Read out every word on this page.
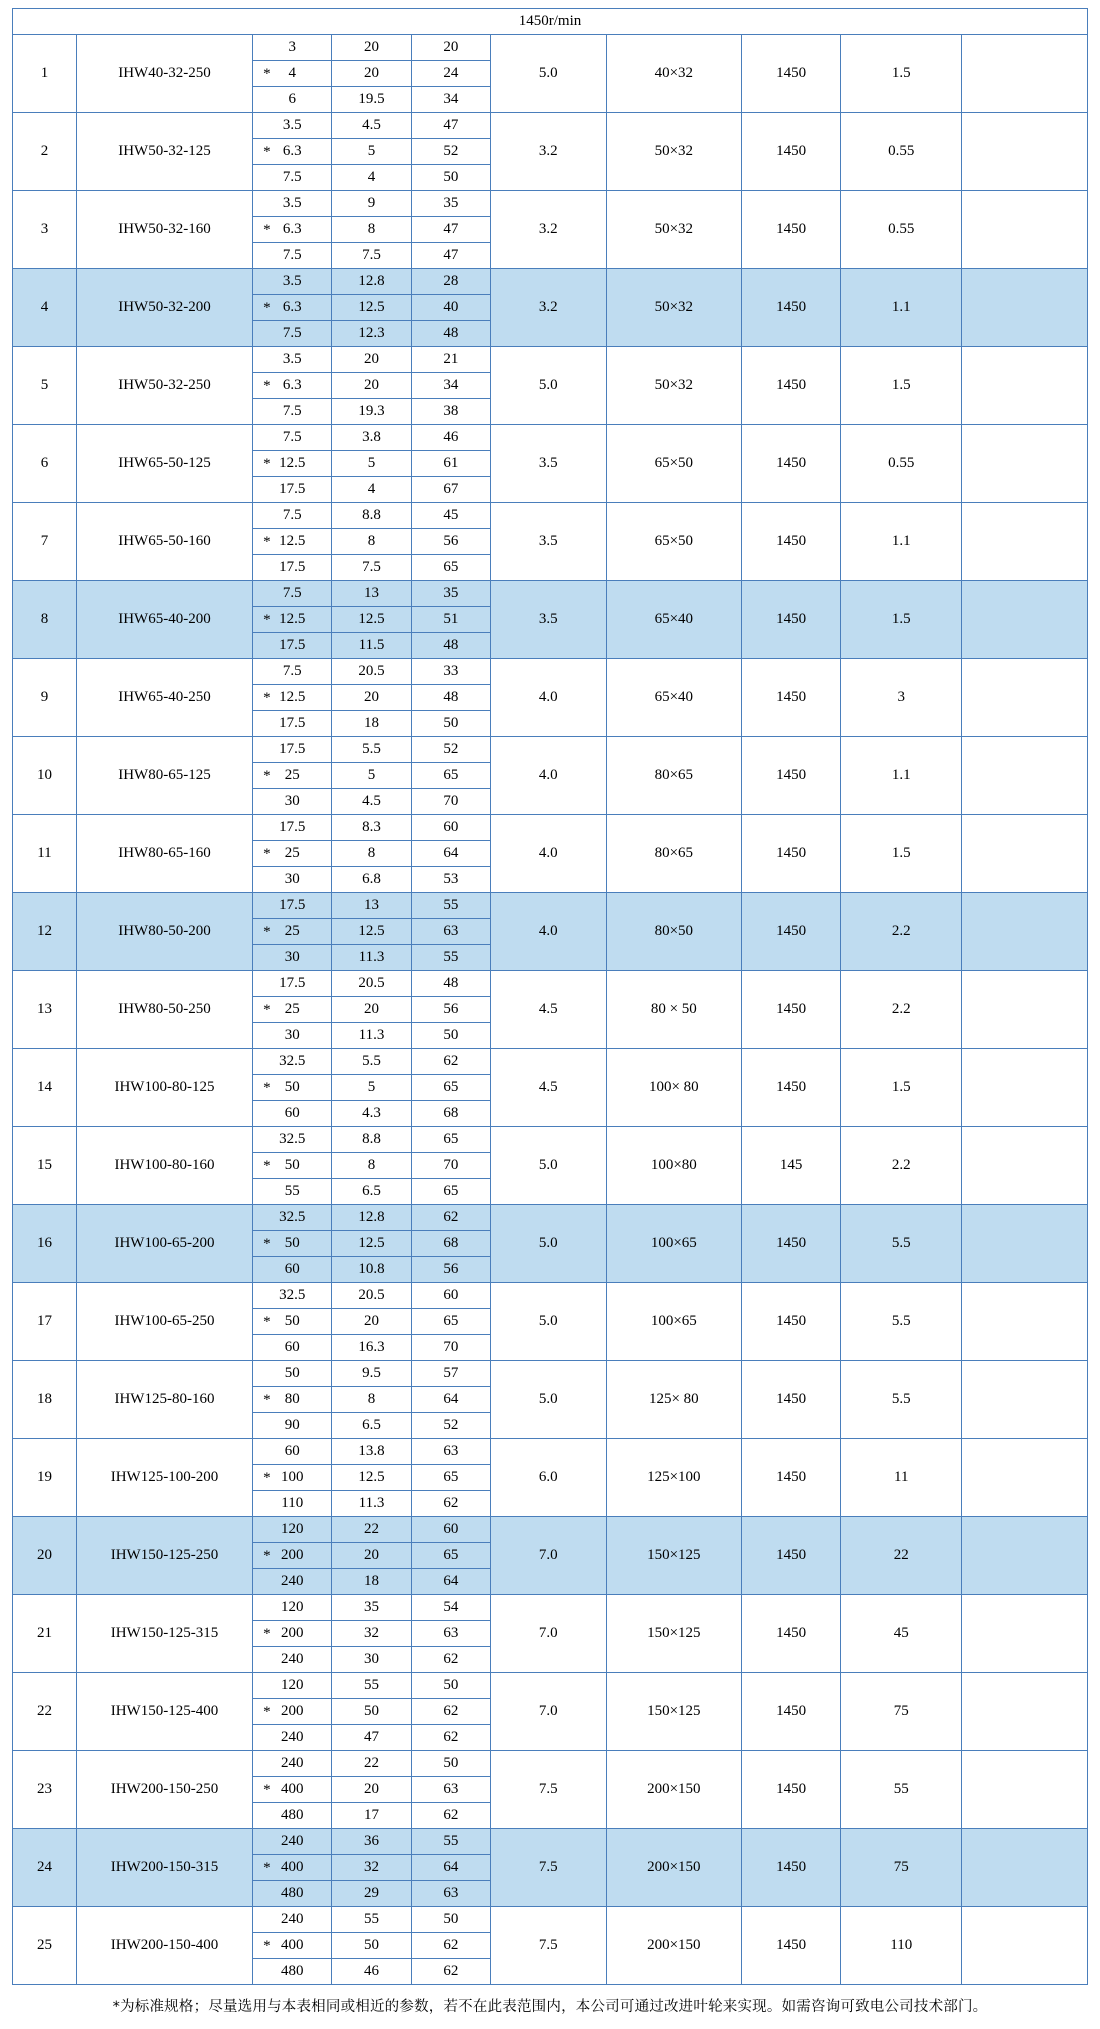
1450r/min									
1	IHW40-32-250	3	20	20	5.0	40×32	1450	1.5	

		* 4	20	24					
		6	19.5	34					
2	IHW50-32-125	3.5	4.5	47	3.2	50×32	1450	0.55	

		* 6.3	5	52					
		7.5	4	50					
3	IHW50-32-160	3.5	9	35	3.2	50×32	1450	0.55	

		* 6.3	8	47					
		7.5	7.5	47					
4	IHW50-32-200	3.5	12.8	28	3.2	50×32	1450	1.1	

		* 6.3	12.5	40					
		7.5	12.3	48					
5	IHW50-32-250	3.5	20	21	5.0	50×32	1450	1.5	

		* 6.3	20	34					
		7.5	19.3	38					
6	IHW65-50-125	7.5	3.8	46	3.5	65×50	1450	0.55	

		* 12.5	5	61					
		17.5	4	67					
7	IHW65-50-160	7.5	8.8	45	3.5	65×50	1450	1.1	

		* 12.5	8	56					
		17.5	7.5	65					
8	IHW65-40-200	7.5	13	35	3.5	65×40	1450	1.5	

		* 12.5	12.5	51					
		17.5	11.5	48					
9	IHW65-40-250	7.5	20.5	33	4.0	65×40	1450	3	

		* 12.5	20	48					
		17.5	18	50					
10	IHW80-65-125	17.5	5.5	52	4.0	80×65	1450	1.1	

		* 25	5	65					
		30	4.5	70					
11	IHW80-65-160	17.5	8.3	60	4.0	80×65	1450	1.5	

		* 25	8	64					
		30	6.8	53					
12	IHW80-50-200	17.5	13	55	4.0	80×50	1450	2.2	

		* 25	12.5	63					
		30	11.3	55					
13	IHW80-50-250	17.5	20.5	48	4.5	80 × 50	1450	2.2	

		* 25	20	56					
		30	11.3	50					
14	IHW100-80-125	32.5	5.5	62	4.5	100× 80	1450	1.5	

		* 50	5	65					
		60	4.3	68					
15	IHW100-80-160	32.5	8.8	65	5.0	100×80	145	2.2	

		* 50	8	70					
		55	6.5	65					
16	IHW100-65-200	32.5	12.8	62	5.0	100×65	1450	5.5	

		* 50	12.5	68					
		60	10.8	56					
17	IHW100-65-250	32.5	20.5	60	5.0	100×65	1450	5.5	

		* 50	20	65					
		60	16.3	70					
18	IHW125-80-160	50	9.5	57	5.0	125× 80	1450	5.5	

		* 80	8	64					
		90	6.5	52					
19	IHW125-100-200	60	13.8	63	6.0	125×100	1450	11	

		* 100	12.5	65					
		110	11.3	62					
20	IHW150-125-250	120	22	60	7.0	150×125	1450	22	

		* 200	20	65					
		240	18	64					
21	IHW150-125-315	120	35	54	7.0	150×125	1450	45	

		* 200	32	63					
		240	30	62					
22	IHW150-125-400	120	55	50	7.0	150×125	1450	75	

		* 200	50	62					
		240	47	62					
23	IHW200-150-250	240	22	50	7.5	200×150	1450	55	

		* 400	20	63					
		480	17	62					
24	IHW200-150-315	240	36	55	7.5	200×150	1450	75	

		* 400	32	64					
		480	29	63					
25	IHW200-150-400	240	55	50	7.5	200×150	1450	110	

		* 400	50	62					
		480	46	62					
*为标准规格；尽量选用与本表相同或相近的参数，若不在此表范围内，本公司可通过改进叶轮来实现。如需咨询可致电公司技术部门。
